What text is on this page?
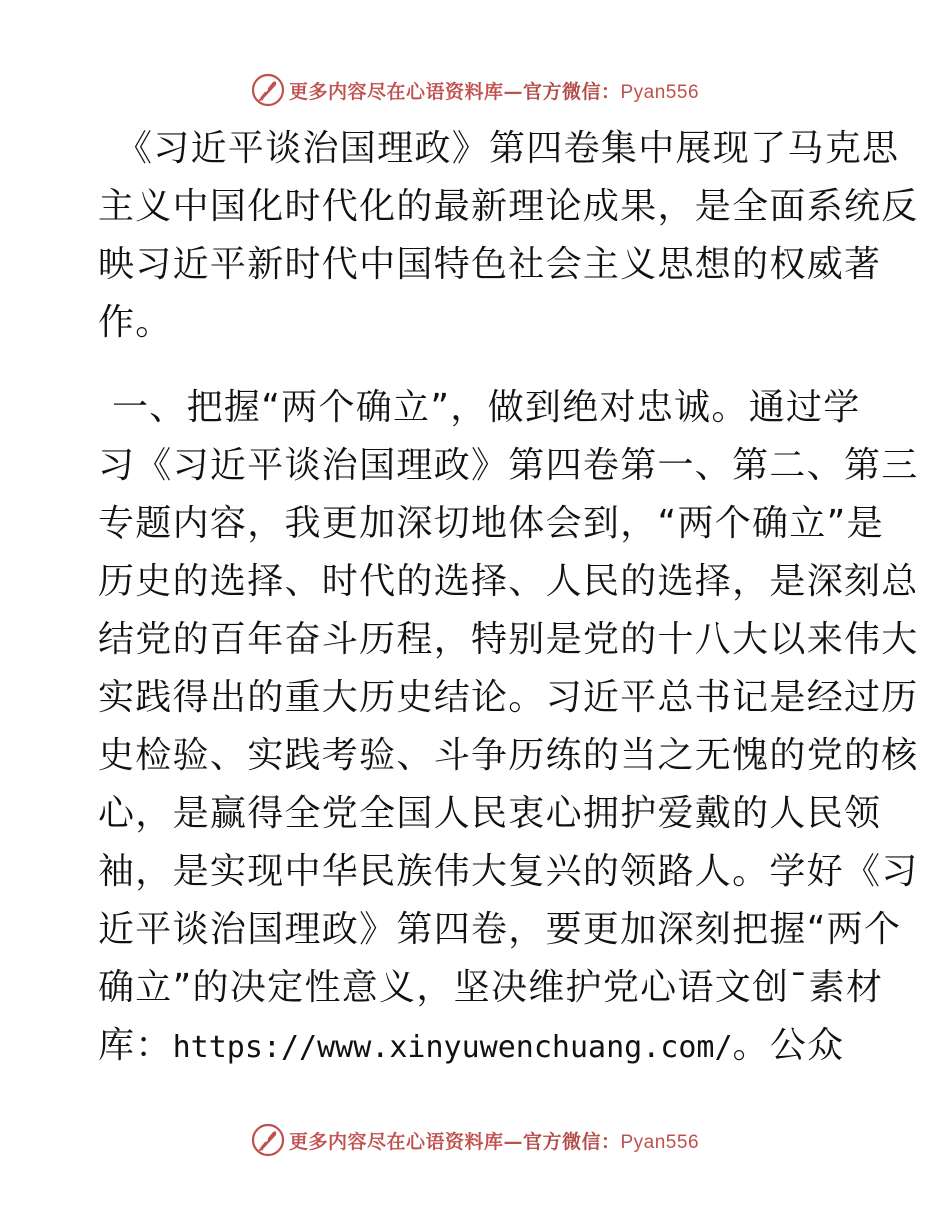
更多内容尽在心语资料库—官方微信：Pyan556

《习近平谈治国理政》第四卷集中展现了马克思
主义中国化时代化的最新理论成果，是全面系统反
映习近平新时代中国特色社会主义思想的权威著
作。

一、把握“两个确立”，做到绝对忠诚。通过学
习《习近平谈治国理政》第四卷第一、第二、第三
专题内容，我更加深切地体会到，“两个确立”是
历史的选择、时代的选择、人民的选择，是深刻总
结党的百年奋斗历程，特别是党的十八大以来伟大
实践得出的重大历史结论。习近平总书记是经过历
史检验、实践考验、斗争历练的当之无愧的党的核
心，是赢得全党全国人民衷心拥护爱戴的人民领
袖，是实现中华民族伟大复兴的领路人。学好《习
近平谈治国理政》第四卷，要更加深刻把握“两个
确立”的决定性意义，坚决维护党心语文创¯素材
库：https://www.xinyuwenchuang.com/。公众

更多内容尽在心语资料库—官方微信：Pyan556
